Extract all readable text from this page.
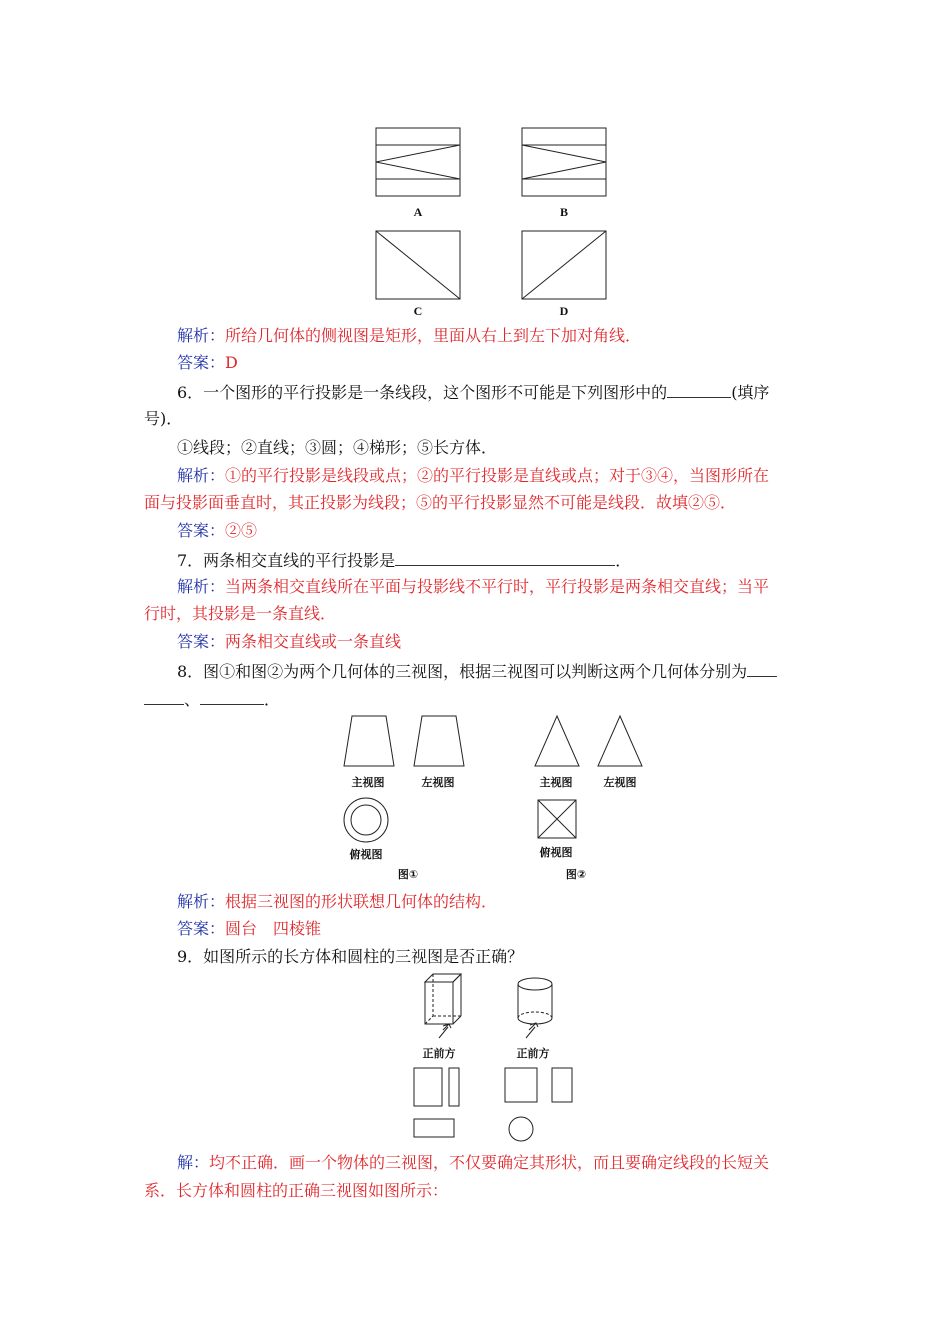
A	B
C	D
解析：所给几何体的侧视图是矩形，里面从右上到左下加对角线．
答案：D
6．一个图形的平行投影是一条线段，这个图形不可能是下列图形中的	(填序
号)．
①线段；②直线；③圆；④梯形；⑤长方体．
解析：①的平行投影是线段或点；②的平行投影是直线或点；对于③④，当图形所在
面与投影面垂直时，其正投影为线段；⑤的平行投影显然不可能是线段．故填②⑤．
答案：②⑤
7．两条相交直线的平行投影是	．
解析：当两条相交直线所在平面与投影线不平行时，平行投影是两条相交直线；当平
行时，其投影是一条直线．
答案：两条相交直线或一条直线
8．图①和图②为两个几何体的三视图，根据三视图可以判断这两个几何体分别为
、	．
主视图	左视图
俯视图
图①
主视图	左视图
俯视图
图②
解析：根据三视图的形状联想几何体的结构．
答案：圆台　四棱锥
9．如图所示的长方体和圆柱的三视图是否正确？
正前方	正前方
解：均不正确．画一个物体的三视图，不仅要确定其形状，而且要确定线段的长短关
系．长方体和圆柱的正确三视图如图所示：
